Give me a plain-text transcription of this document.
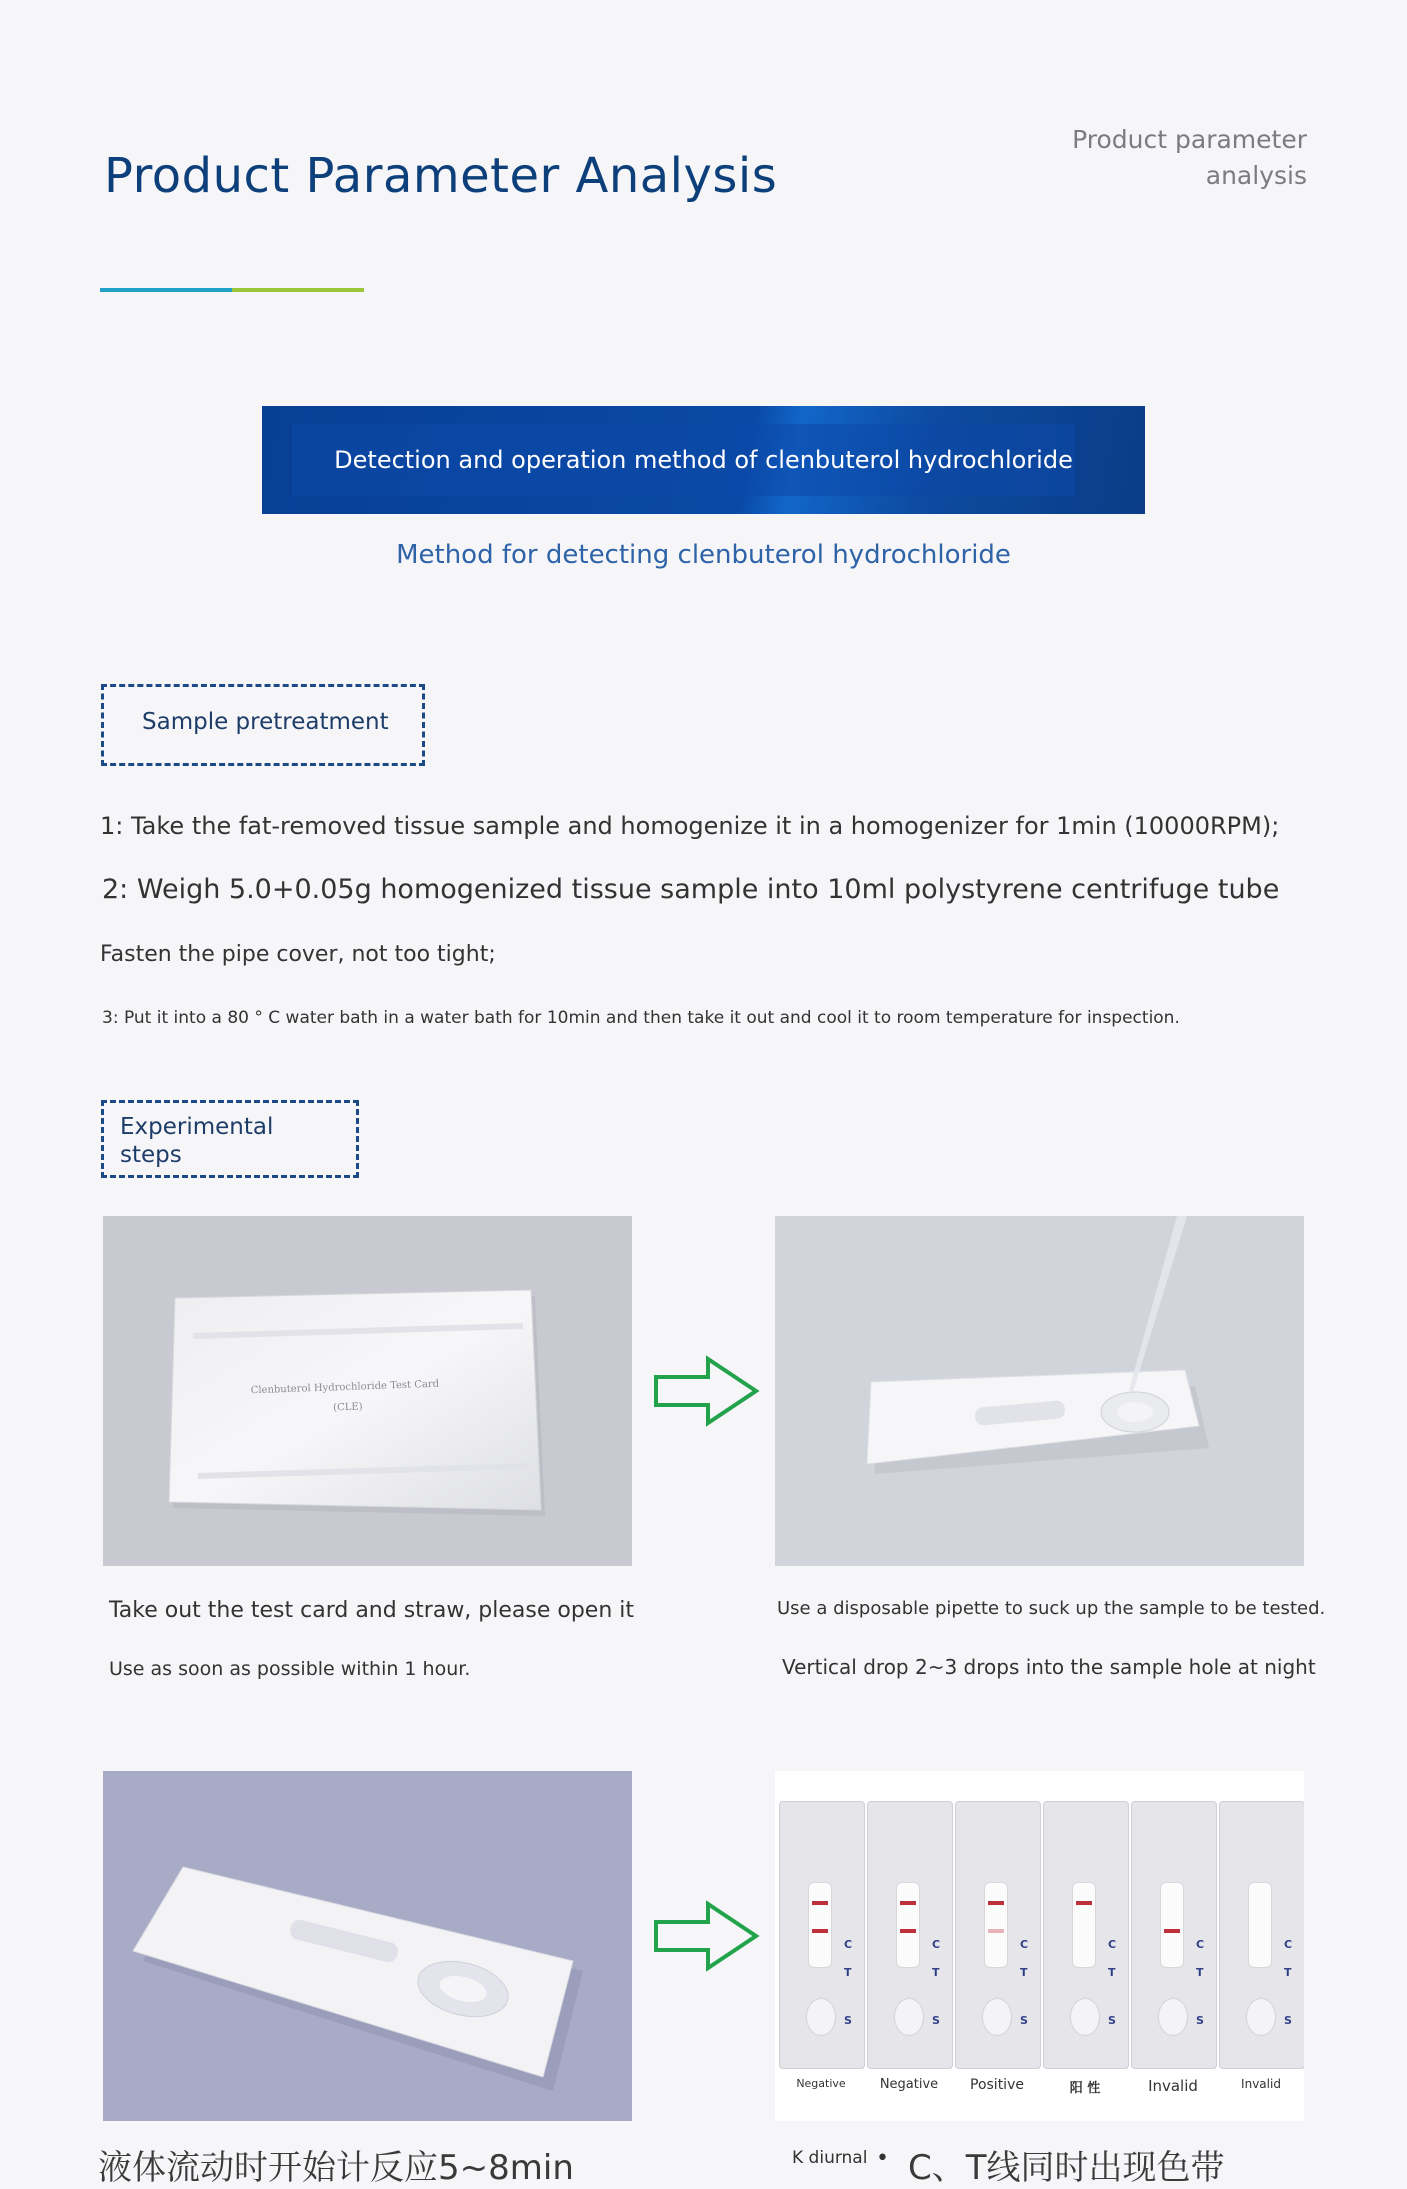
Product Parameter Analysis
Product parameter
analysis
Detection and operation method of clenbuterol hydrochloride
Method for detecting clenbuterol hydrochloride
Sample pretreatment
1: Take the fat-removed tissue sample and homogenize it in a homogenizer for 1min (10000RPM);
2: Weigh 5.0+0.05g homogenized tissue sample into 10ml polystyrene centrifuge tube
Fasten the pipe cover, not too tight;
3: Put it into a 80 ° C water bath in a water bath for 10min and then take it out and cool it to room temperature for inspection.
Experimental
steps
Clenbuterol Hydrochloride Test Card
(CLE)
Take out the test card and straw, please open it
Use as soon as possible within 1 hour.
Use a disposable pipette to suck up the sample to be tested.
Vertical drop 2~3 drops into the sample hole at night
C
T
S
C
T
S
C
T
S
C
T
S
C
T
S
C
T
S
Negative	Negative	Positive	阳 性	Invalid	Invalid
液体流动时开始计反应5~8min	K diurnal • C、T线同时出现色带
